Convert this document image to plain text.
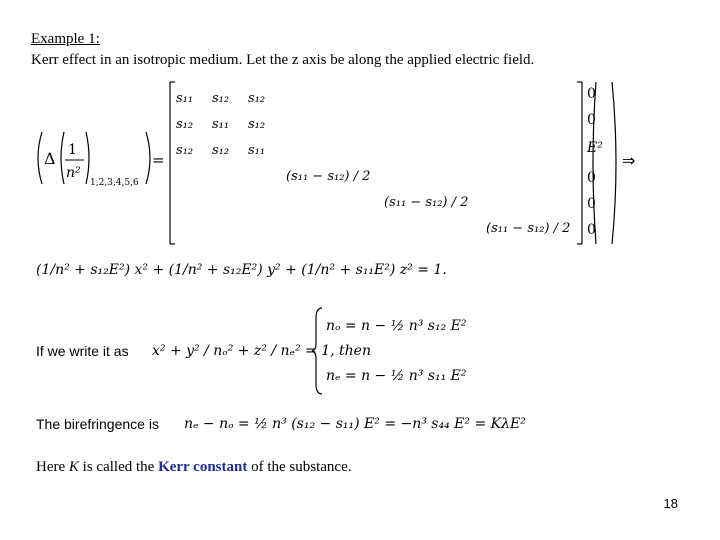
Example 1:
Kerr effect in an isotropic medium. Let the z axis be along the applied electric field.
Δ 1
n²
1,2,3,4,5,6
=
s₁₁ s₁₂ s₁₂
s₁₂ s₁₁ s₁₂
s₁₂ s₁₂ s₁₁
(s₁₁ − s₁₂) / 2
(s₁₁ − s₁₂) / 2
(s₁₁ − s₁₂) / 2
0
0
E²
0
0
0
⇒
(1/n² + s₁₂E²) x² + (1/n² + s₁₂E²) y² + (1/n² + s₁₁E²) z² = 1.
If we write it as x² + y² / nₒ² + z² / nₑ² = 1, then
nₒ = n − ½ n³ s₁₂ E²
nₑ = n − ½ n³ s₁₁ E²
The birefringence is nₑ − nₒ = ½ n³ (s₁₂ − s₁₁) E² = −n³ s₄₄ E² = KλE²
Here K is called the Kerr constant of the substance.
18
